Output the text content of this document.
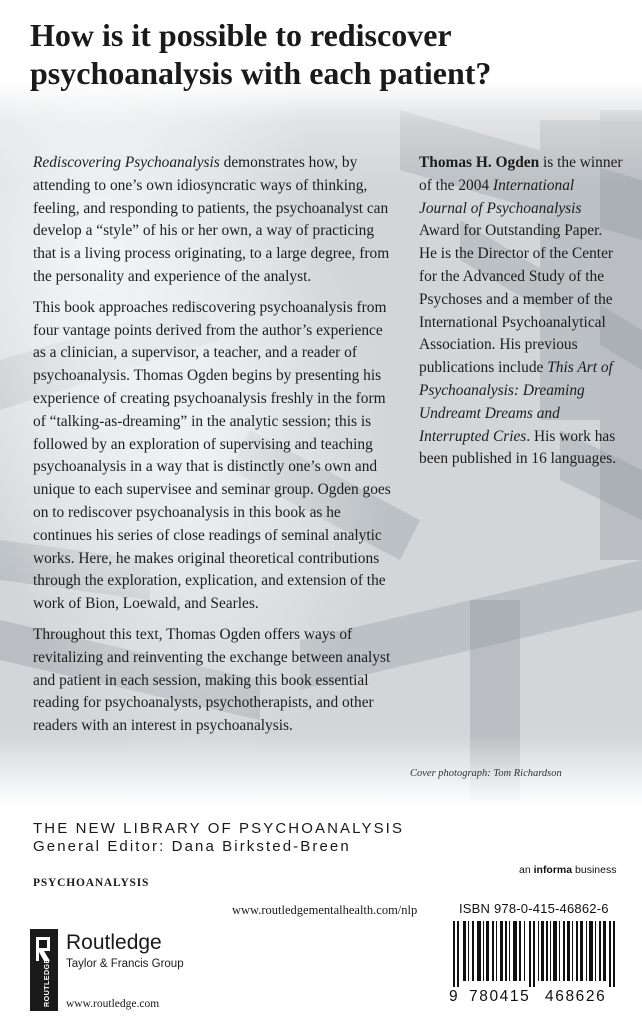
How is it possible to rediscover psychoanalysis with each patient?

Rediscovering Psychoanalysis demonstrates how, by attending to one’s own idiosyncratic ways of thinking, feeling, and responding to patients, the psychoanalyst can develop a “style” of his or her own, a way of practicing that is a living process originating, to a large degree, from the personality and experience of the analyst.

This book approaches rediscovering psychoanalysis from four vantage points derived from the author’s experience as a clinician, a supervisor, a teacher, and a reader of psychoanalysis. Thomas Ogden begins by presenting his experience of creating psychoanalysis freshly in the form of “talking-as-dreaming” in the analytic session; this is followed by an exploration of supervising and teaching psychoanalysis in a way that is distinctly one’s own and unique to each supervisee and seminar group. Ogden goes on to rediscover psychoanalysis in this book as he continues his series of close readings of seminal analytic works. Here, he makes original theoretical contributions through the exploration, explication, and extension of the work of Bion, Loewald, and Searles.

Throughout this text, Thomas Ogden offers ways of revitalizing and reinventing the exchange between analyst and patient in each session, making this book essential reading for psychoanalysts, psychotherapists, and other readers with an interest in psychoanalysis.

Thomas H. Ogden is the winner of the 2004 International Journal of Psychoanalysis Award for Outstanding Paper. He is the Director of the Center for the Advanced Study of the Psychoses and a member of the International Psychoanalytical Association. His previous publications include This Art of Psychoanalysis: Dreaming Undreamt Dreams and Interrupted Cries. His work has been published in 16 languages.

Cover photograph: Tom Richardson
THE NEW LIBRARY OF PSYCHOANALYSIS
General Editor: Dana Birksted-Breen
PSYCHOANALYSIS
an informa business
www.routledgementalhealth.com/nlp	ISBN 978-0-415-46862-6
9 780415 468626
ROUTLEDGE
Routledge
Taylor & Francis Group
www.routledge.com
